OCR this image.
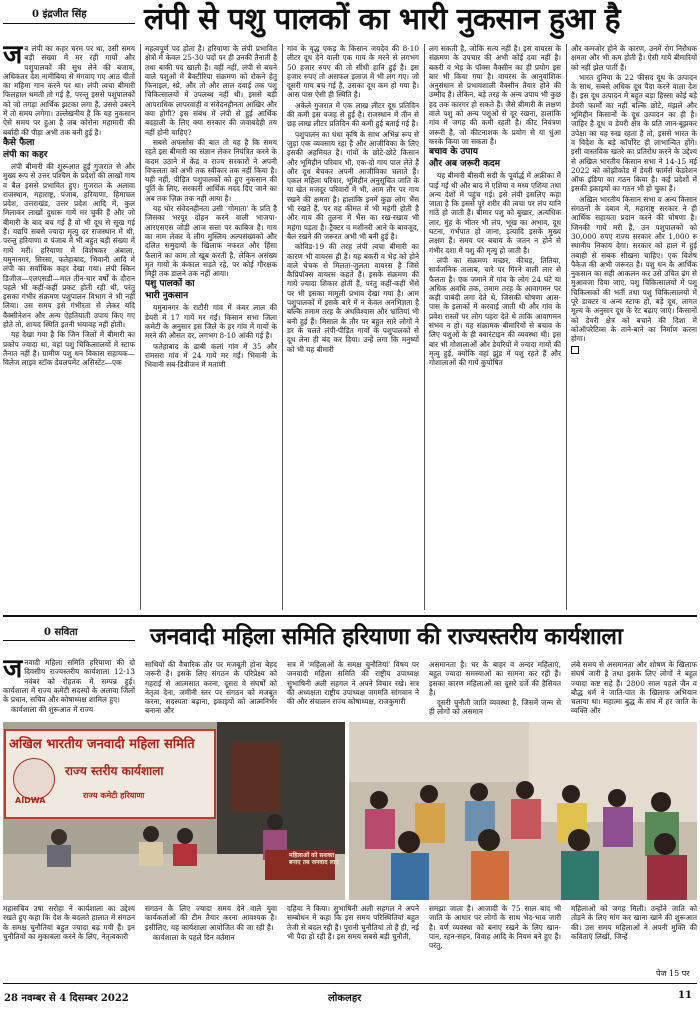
0 इंद्रजीत सिंह लंपी से पशु पालकों का भारी नुकसान हुआ है
ज ब लंपी का कहर चरम पर था, उसी समय बड़ी संख्या में मर रही गायों और पशुपालकों की सुध लेने की बजाय, अधिकतर देश नामीबिया से मंगवाए गए आठ चीतों का महिमा गान करने पर था। लंपी त्वचा बीमारी फिलहाल थमती तो गई है, परन्तु इससे पशुपालकों को जो तगड़ा आर्थिक झटका लगा है, उससे उबरने में तो समय लगेगा। उल्लेखनीय है कि यह नुकसान ऐसे समय पर हुआ है जब कोरोना महामारी की बर्बादी की पीड़ा अभी तक बनी हुई है।

कैसे फैला
लंपी का कहर

लंपी बीमारी की शुरूआत हुई गुजरात से और मुख्य रूप से उत्तर पश्चिम के प्रदेशों की लाखों गाय व बैल इससे प्रभावित हुए। गुजरात के अलावा राजस्थान, महाराष्ट्र, पंजाब, हरियाणा, हिमाचल प्रदेश, उत्तराखंड, उत्तर प्रदेश आदि में, कुल मिलाकर लाखों दुधारू गायें मर चुकी हैं और जो बीमारी के बाद बच गई हैं वो भी दूध से सूख गई हैं। यद्यपि सबसे ज्यादा मृत्यु दर राजस्थान में थी, परन्तु हरियाणा व पंजाब में भी बहुत बड़ी संख्या में गायें मरीं। हरियाणा में विशेषकर अंबाला, यमुनानगर, सिरसा, फतेहाबाद, भिवानी आदि में लंपी का सर्वाधिक कहर देखा गया। लंपी स्किन डिजीज—एलएसडी—मात तीन-चार वर्षों के दौरान पहले भी कहीं-कहीं प्रकट होती रही थी, परंतु इसका गंभीर संक्रमण पशुपालन विभाग ने भी नहीं लिया। उस समय इसे गंभीरता से लेकर यदि वैक्सीनेशन और अन्य ऐहतियाती उपाय किए गए होते तो, शायद स्थिति इतनी भयावह नहीं होती।

यह देखा गया है कि जिन जिलों में बीमारी का प्रकोप ज्यादा था, वहां पशु चिकित्सालयों में स्टाफ तैनात नहीं है। ग्रामीण पशु धन विकास सहायक—विलेज लाइव स्टॉक डेवलपमेंट असिस्टेंट—एक

महत्वपूर्ण पद होता है। हरियाणा के लंपी प्रभावित क्षेत्रों में केवल 25-30 पदों पर ही उनकी तैनाती है तथा बाकी पद खाली हैं। वहीं नहीं, लंपी से बचने वाले पशुओं में बैक्टीरिया संक्रमण को रोकने हेतु फिनाइल, स्प्रे, और तो और लाल दवाई तक पशु चिकित्सालयों में उपलब्ध नहीं थी। इससे बड़ी आपराधिक लापरवाही व संवेदनहीनता आखिर और क्या होगी? इस संबंध में लंपी से हुई आर्थिक बदहाली के लिए क्या सरकार की जवाबदेही तय नहीं होनी चाहिए?

सबसे अफसोस की बात तो यह है कि समय रहते इस बीमारी का संज्ञान लेकर नियंत्रित करने के कदम उठाने में केंद्र व राज्य सरकारों ने अपनी विफलता को अभी तक स्वीकार तक नहीं किया है। यही नहीं, पीड़ित पशुपालकों को हुए नुकसान की पूर्ति के लिए, सरकारी आर्थिक मदद दिए जाने का अब तक ज़िक्र तक नहीं आया है।

यह घोर संवेदनहीनता उसी 'गोमाता' के प्रति है जिसका भरपूर दोहन करने वाली भाजपा-आरएसएस जोड़ी आज सत्ता पर काबिज है। गाय का नाम लेकर वे लीग मुस्लिम अल्पसंख्यकों और दलित समुदायों के खिलाफ नफरत और हिंसा फैलाने का काम तो खूब करती है, लेकिन असंख्य मृत गायों के कंकाल सड़ते रहे, पर कोई गौरक्षक मिट्टी तक डालने तक नहीं आया।

पशु पालकों का
भारी नुकसान

यमुनानगर के राटौरी गांव में कंवर लाल की डेयरी में 17 गायें मर गईं। किसान सभा जिला कमेटी के अनुसार इस जिले के हर गांव में गायों के मरने की औसत दर, लगभग 8-10 आंकी गई है।

फतेहाबाद के ढाबी कलां गांव में 35 और रामसरा गांव में 24 गायें मर गईं। भिवानी के भिवानी सब-डिवीजन में मताणी

गांव के वृद्ध एकड़ के किसान जयदेव की 8-10 लीटर दूध देने वाली एक गाय के मरने से लगभग 50 हजार रुपए की तो सीधी हानि हुई है। इस हजार रुपए तो असफल इलाज में भी लग गए। जो दूसरी गाय बच गई है, उसका दूध कम हो गया है। आस पास ऐसी ही स्थिति है।

अकेले गुजरात में एक लाख लीटर दूध प्रतिदिन की कमी इस वजह से हुई है। राजस्थान में तीन से छह लाख लीटर प्रतिदिन की कमी हुई बताई गई है।

पशुपालन का धंधा कृषि के साथ अभिन्न रूप से जुड़ा एक व्यवसाय रहा है और आजीविका के लिए इसकी अहमियत है। गांवों के छोटे-छोटे किसान और भूमिहीन परिवार भी, एक-दो गाय पाल लेते हैं और दूध बेचकर अपनी आजीविका चलाते हैं। एकल महिला परिवार, भूमिहीन अनुसूचित जाति के या खेत मजदूर परिवारों में भी, आम तौर पर गाय रखने की क्षमता है। हालांकि इनमें कुछ लोग भैंस भी रखते हैं, पर वह कीमत में भी महंगी होती है और गाय की तुलना में भैंस का रख-रखाव भी महंगा पड़ता है। ट्रैक्टर व मशीनरी आने के बावजूद, बैल रखने की जरूरत अभी भी बनी हुई है।

कोविड-19 की तरह लंपी त्वचा बीमारी का कारण भी वायरस ही है। यह बकरी व भेड़ को होने वाले चेचक से मिलता-जुलता वायरस है जिसे कैप्रिपॉक्स वायरस कहते हैं। इसके संक्रमण की गायें ज्यादा शिकार होती हैं, परंतु कहीं-कहीं भैंसें पर भी इसका मामूली प्रभाव देखा गया है। आम पशुपालकों में इसके बारे में न केवल अनभिज्ञता है बल्कि तमाम तरह के अंधविश्वास और भ्रांतियां भी बनी हुई हैं। मिसाल के तौर पर बहुत सारे लोगों ने डर के चलते लंपी-पीड़ित गायों के पशुपालकों से दूध लेना ही बंद कर दिया। उन्हें लगा कि मनुष्यों को भी यह बीमारी

लग सकती है, जोकि सत्य नहीं है। इस वायरस के संक्रमण के उपचार की अभी कोई दवा नहीं है। बकरी व भेड़ के पॉक्स वैक्सीन का ही प्रयोग इस बार भी किया गया है। वायरस के आनुवांशिक अनुसंधान से प्रभावशाली वैक्सीन तैयार होने की उम्मीद है। लेकिन, बड़े तरह के अन्य उपाय भी कुछ हद तक कारगर हो सकते हैं। जैसे बीमारी के लक्षण वाले पशु को अन्य पशुओं से दूर रखना, हालांकि गांव में जगह की कमी रहती है। कीट नियंत्रण जरूरी है, जो कीटनाशक के प्रयोग से या धुंआ करके किया जा सकता है।

बचाव के उपाय
और अब जरूरी कदम

यह बीमारी बीसवीं सदी के पूर्वार्द्ध में अफ्रीका में पाई गई थी और बाद में एशिया व मध्य एशिया तथा अन्य देशों में पहुंच गई। इसे लंपी इसलिए कहा जाता है कि इससे पूरे शरीर की त्वचा पर लंप यानि गांठें हो जाती हैं। बीमार पशु को बुखार, अत्यधिक लार, मुंह के भीतर भी लंप, भूख का अभाव, दूध घटना, गर्भपात हो जाना, इत्यादि इसके मुख्य लक्षण हैं। समय पर बचाव के जतन न होने से गंभीर दशा में पशु की मृत्यु हो जाती है।

लंपी का संक्रमण मच्छर, कीचड़, तितिया, सार्वजनिक तालाब, चारे पर गिरने वाली लार से फैलता है। एक जमाने में गांव के लोग 24 घंटे या अधिक अवधि तक, तमाम तरह के आवागमन पर कड़ी पाबंदी लगा देते थे, जिसकी घोषणा आस-पास के इलाकों में करवाई जाती थी और गांव के प्रवेश रास्तों पर लोग पहरा देते थे ताकि आवागमन संभव न हो। यह संक्रामक बीमारियों से बचाव के लिए पशुओं के ही क्वारंटाइन की व्यवस्था थी। इस बार भी गोशालाओं और डेयरियों में ज्यादा गायों की मृत्यु हुई, क्योंकि वहां झुंड में पशु रहते हैं और गोशालाओं की गायें कुपोषित

और कमजोर होने के कारण, उनमें रोग निरोधक क्षमता और भी कम होती है। ऐसी गायें बीमारियों को नहीं झेल पातीं हैं।

भारत दुनिया के 22 फीसद दूध के उत्पादन के साथ, सबसे अधिक दूध पैदा करने वाला देश है। इस दूध उत्पादन में बहुत बड़ा हिस्सा कोई बड़े डेयरी फार्मों का नहीं बल्कि छोटे, मंझले और भूमिहीन किसानों के दूध उत्पादन का ही है। जाहिर है दूध व डेयरी क्षेत्र के प्रति जान-बूझकर उपेक्षा का यह रुख रहता है तो, इससे भारत के व विदेश के बड़े कॉर्पोरेट ही लाभान्वित होंगे। इसी वास्तविक खतरे का प्रतिरोध करने के उद्देश्य से अखिल भारतीय किसान सभा ने 14-15 मई 2022 को कोझीकोड में डेयरी फार्मर्स फेडरेशन ऑफ इंडिया का गठन किया है। कई प्रदेशों में इसकी इकाइयों का गठन भी हो चुका है।

अखिल भारतीय किसान सभा व अन्य किसान संगठनों के दबाव में, महाराष्ट्र सरकार ने ही आर्थिक सहायता प्रदान करने की घोषणा है। जिनकी गायें मरी हैं, उन पशुपालकों को 30,000 रुपए राज्य सरकार और 1,000 रु स्थानीय निकाय देगा। सरकार को हाल में हुई तबाही से सबक सीखना चाहिए। एक विशेष पैकेज की अभी जरूरत है। पशु धन के आर्थिक नुकसान का सही आकलन कर उसे उचित ढंग से मुआवजा दिया जाए, पशु चिकित्सालयों में पशु चिकित्सकों की भर्ती तथा पशु चिकित्सालयों में पूरे डाक्टर व अन्य स्टाफ हो, बड़े दूध, लागत मूल्य के अनुसार दूध के रेट बढ़ाए जाएं। किसानों को डेयरी क्षेत्र को बचाने की दिशा में कोऑपरेटिव्स के ताने-बाने का निर्माण करना होगा।

0 सविता	जनवादी महिला समिति हरियाणा की राज्यस्तरीय कार्यशाला
ज नवादी महिला समिति हरियाणा की दो दिवसीय राज्यस्तरीय कार्यशाला 12-13 नवंबर को रोहतक में सम्पन्न हुई। कार्यशाला में राज्य कमेटी सदस्यों के अलावा जिलों के प्रधान, सचिव और कोषाध्यक्ष शामिल हुए।

कार्यशाला की शुरूआत में राज्य

साथियों की वैचारिक तौर पर मजबूती होना बेहद जरूरी है। इसके लिए संगठन के परिप्रेक्ष्य को गहराई से आत्मसात करना, दूसरा वे संघर्षों को नेतृत्व देना, जमीनी स्तर पर संगठन को मजबूत करना, सदस्यता बढ़ाना, इकाइयों को आत्मनिर्भर बनाना और

सत्र में 'महिलाओं के समक्ष चुनौतियां' विषय पर जनवादी महिला समिति की राष्ट्रीय उपाध्यक्ष सुभाषिनी अली सहगल ने अपने विचार रखे। सत्र की अध्यक्षता राष्ट्रीय उपाध्यक्ष जगमति सांगवान ने की और संचालन राज्य कोषाध्यक्ष, राजकुमारी

असमानता है। घर के बाहर व अन्दर महिलाएं, बहुत ज्यादा समस्याओं का सामना कर रही हैं। इसका कारण महिलाओं का दूसरे दर्जे की हैसियत है।

दूसरी चुनौती जाति व्यवस्था है, जिसमें जन्म से ही लोगों को असमान

लंबे समय से असमानता और शोषण के खिलाफ संघर्ष जारी है तथा इसके लिए लोगों ने बहुत ज्यादा कष्ट सहे हैं। 2800 साल पहले जैन व बौद्ध धर्म ने जाति-पात के खिलाफ अभियान चलाया था। महात्मा बुद्ध के संघ में हर जाति के व्यक्ति और

अखिल भारतीय जनवादी महिला समिति
राज्य स्तरीय कार्यशाला
AIDWA
राज्य कमेटी हरियाणा
महिलाओं को सशक्त बनाए तब जनवाद लाए

महासचिव उषा सरोहा ने कार्यशाला का उद्देश्य रखते हुए कहा कि देश के बदलते हालात में संगठन के समक्ष चुनौतियां बहुत ज्यादा बढ़ गयी हैं। इन चुनौतियों का मुकाबला करने के लिए, नेतृत्वकारी

संगठन के लिए ज्यादा समय देने वाले युवा कार्यकर्ताओं की टीम तैयार करना आवश्यक है। इसीलिए, यह कार्यशाला आयोजित की जा रही है।

कार्यशाला के पहले दिन वर्तमान

दहिया ने किया। सुभाषिनी अली सहगल ने अपने सम्बोधन में कहा कि इस समय परिस्थितियां बहुत तेजी से बदल रही हैं। पुरानी चुनौतियां तो हैं ही, नई भी पैदा हो रही हैं। इस समय सबसे बड़ी चुनौती,

समझा जाता है। आजादी के 75 साल बाद भी जाति के आधार पर लोगों के साथ भेद-भाव जारी है। वर्ण व्यवस्था को बनाए रखने के लिए खान-पान, रहन-सहन, विवाह आदि के नियम बने हुए हैं। परंतु,

महिलाओं को जगह मिली। उन्होंने जाति को तोड़ने के लिए मांग कर खाना खाने की शुरूआत की। उस समय महिलाओं ने अपनी मुक्ति की कविताएं लिखीं, जिन्हें

पेज 15 पर
28 नवम्बर से 4 दिसम्बर 2022	लोकलहर	11
